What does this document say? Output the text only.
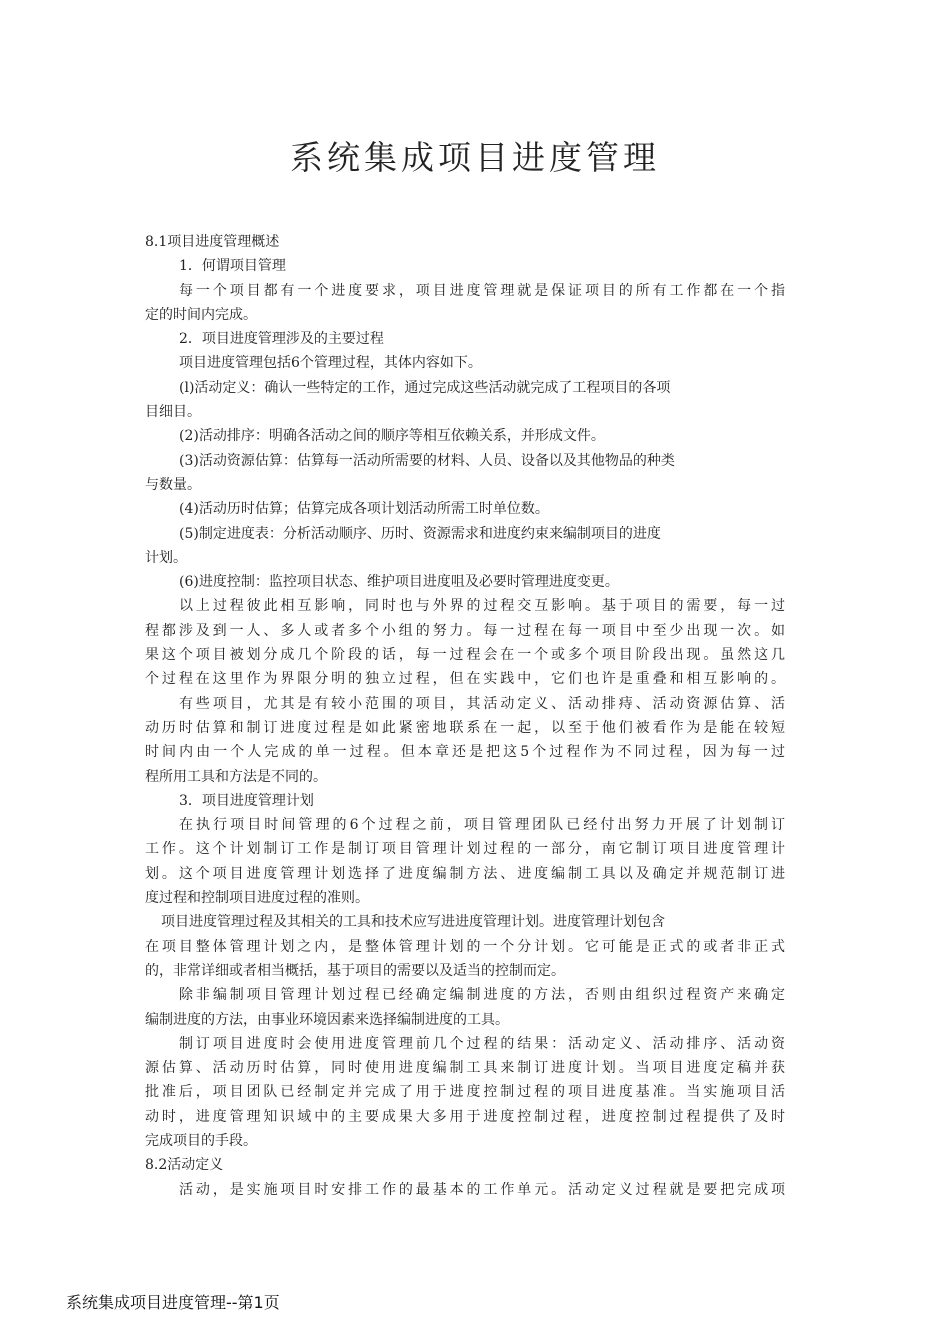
系统集成项目进度管理
8.1项目进度管理概述
1．何谓项目管理
每一个项目都有一个进度要求，项目进度管理就是保证项目的所有工作都在一个指
定的时间内完成。
2．项目进度管理涉及的主要过程
项目进度管理包括6个管理过程，其体内容如下。
(l)活动定义：确认一些特定的工作，通过完成这些活动就完成了工程项目的各项
目细目。
(2)活动排序：明确各活动之间的顺序等相互依赖关系，并形成文件。
(3)活动资源估算：估算每一活动所需要的材料、人员、设备以及其他物品的种类
与数量。
(4)活动历时估算；估算完成各项计划活动所需工时单位数。
(5)制定进度表：分析活动顺序、历时、资源需求和进度约束来编制项目的进度
计划。
(6)进度控制：监控项目状态、维护项目进度咀及必要时管理进度变更。
以上过程彼此相互影响，同时也与外界的过程交互影响。基于项目的需要，每一过
程都涉及到一人、多人或者多个小组的努力。每一过程在每一项目中至少出现一次。如
果这个项目被划分成几个阶段的话，每一过程会在一个或多个项目阶段出现。虽然这几
个过程在这里作为界限分明的独立过程，但在实践中，它们也许是重叠和相互影响的。
有些项目，尤其是有较小范围的项目，其活动定义、活动排痔、活动资源估算、活
动历时估算和制订进度过程是如此紧密地联系在一起，以至于他们被看作为是能在较短
时间内由一个人完成的单一过程。但本章还是把这5个过程作为不同过程，因为每一过
程所用工具和方法是不同的。
3．项目进度管理计划
在执行项目时间管理的6个过程之前，项目管理团队已经付出努力开展了计划制订
工作。这个计划制订工作是制订项目管理计划过程的一部分，南它制订项目进度管理计
划。这个项目进度管理计划选择了进度编制方法、进度编制工具以及确定并规范制订进
度过程和控制项目进度过程的准则。
项目进度管理过程及其相关的工具和技术应写进进度管理计划。进度管理计划包含
在项目整体管理计划之内，是整体管理计划的一个分计划。它可能是正式的或者非正式
的，非常详细或者相当概括，基于项目的需要以及适当的控制而定。
除非编制项目管理计划过程已经确定编制进度的方法，否则由组织过程资产来确定
编制进度的方法，由事业环境因素来选择编制进度的工具。
制订项目进度时会使用进度管理前几个过程的结果：活动定义、活动排序、活动资
源估算、活动历时估算，同时使用进度编制工具来制订进度计划。当项目进度定稿并获
批准后，项目团队已经制定并完成了用于进度控制过程的项目进度基准。当实施项目活
动时，进度管理知识域中的主要成果大多用于进度控制过程，进度控制过程提供了及时
完成项目的手段。
8.2活动定义
活动，是实施项目时安排工作的最基本的工作单元。活动定义过程就是要把完成项
系统集成项目进度管理--第1页
